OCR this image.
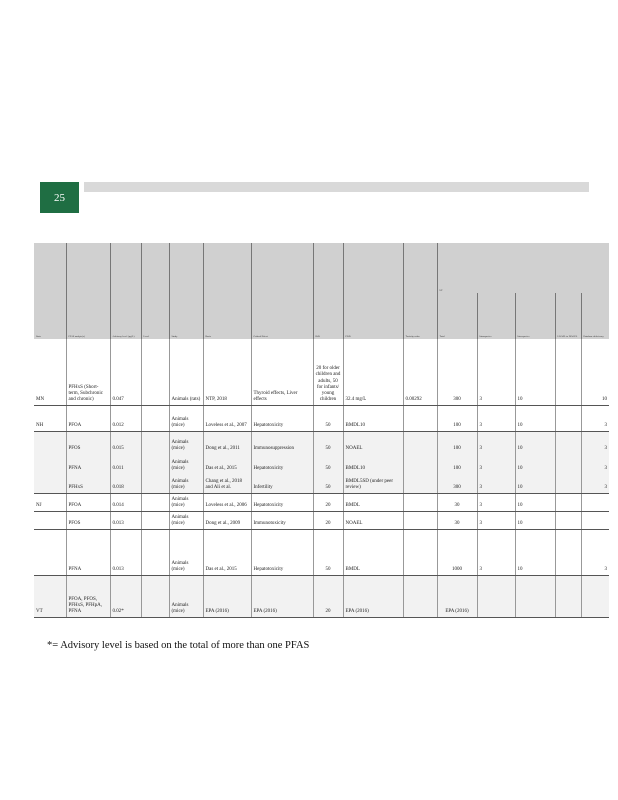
25
State	PFAS analyte(s)	Advisory level (µg/L)	Level	Study	Basis	Critical Effect	RfD	POD	Toxicity value	UF				
										Total	Intraspecies	Interspecies	LOAEL to NOAEL	Database deficiency
MN	PFHxS (Short-term, Subchronic and chronic)	0.047		Animals (rats)	NTP, 2018	Thyroid effects, Liver effects	20 for older children and adults, 50 for infants/ young children	32.4 mg/L	0.00292	300	3	10		10
NH	PFOA	0.012		Animals (mice)	Loveless et al., 2007	Hepatotoxicity	50	BMDL10		100	3	10		3
	PFOS	0.015		Animals (mice)	Dong et al., 2011	Immunosuppression	50	NOAEL		100	3	10		3
	PFNA	0.011		Animals (mice)	Das et al., 2015	Hepatotoxicity	50	BMDL10		100	3	10		3
	PFHxS	0.018		Animals (mice)	Chang et al., 2018 and Ali et al.	Infertility	50	BMDL5SD (under peer review)		300	3	10		3
NJ	PFOA	0.014		Animals (mice)	Loveless et al., 2006	Hepatotoxicity	20	BMDL		30	3	10		
	PFOS	0.013		Animals (mice)	Dong et al., 2009	Immunotoxicity	20	NOAEL		30	3	10		
	PFNA	0.013		Animals (mice)	Das et al., 2015	Hepatotoxicity	50	BMDL		1000	3	10		3
VT	PFOA, PFOS, PFHxS, PFHpA, PFNA	0.02*		Animals (mice)	EPA (2016)	EPA (2016)	20	EPA (2016)		EPA (2016)				
*= Advisory level is based on the total of more than one PFAS
